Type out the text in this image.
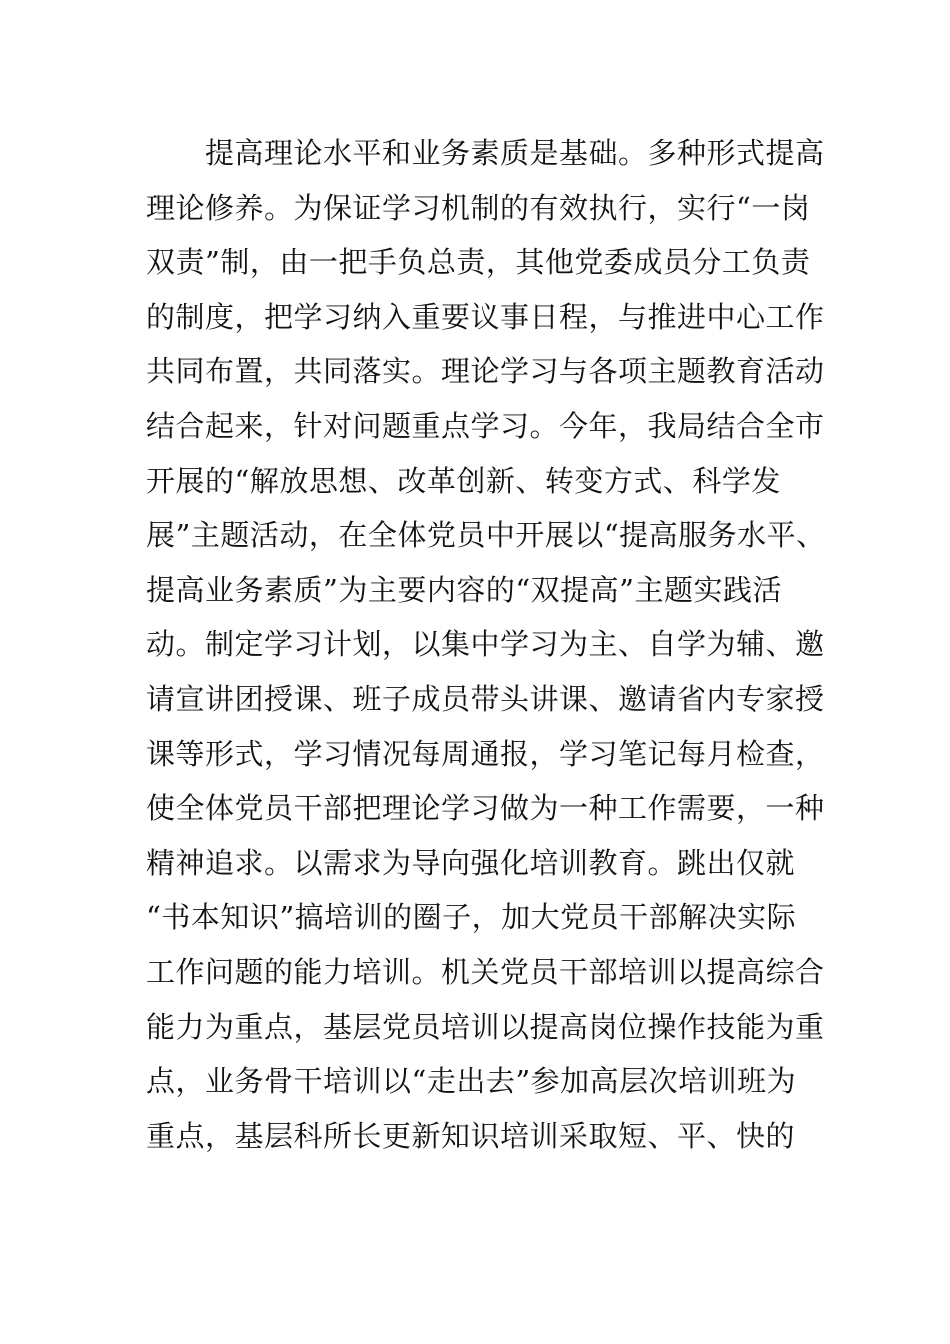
　　提高理论水平和业务素质是基础。多种形式提高
理论修养。为保证学习机制的有效执行，实行“一岗
双责”制，由一把手负总责，其他党委成员分工负责
的制度，把学习纳入重要议事日程，与推进中心工作
共同布置，共同落实。理论学习与各项主题教育活动
结合起来，针对问题重点学习。今年，我局结合全市
开展的“解放思想、改革创新、转变方式、科学发
展”主题活动，在全体党员中开展以“提高服务水平、
提高业务素质”为主要内容的“双提高”主题实践活
动。制定学习计划，以集中学习为主、自学为辅、邀
请宣讲团授课、班子成员带头讲课、邀请省内专家授
课等形式，学习情况每周通报，学习笔记每月检查，
使全体党员干部把理论学习做为一种工作需要，一种
精神追求。以需求为导向强化培训教育。跳出仅就
“书本知识”搞培训的圈子，加大党员干部解决实际
工作问题的能力培训。机关党员干部培训以提高综合
能力为重点，基层党员培训以提高岗位操作技能为重
点，业务骨干培训以“走出去”参加高层次培训班为
重点，基层科所长更新知识培训采取短、平、快的
